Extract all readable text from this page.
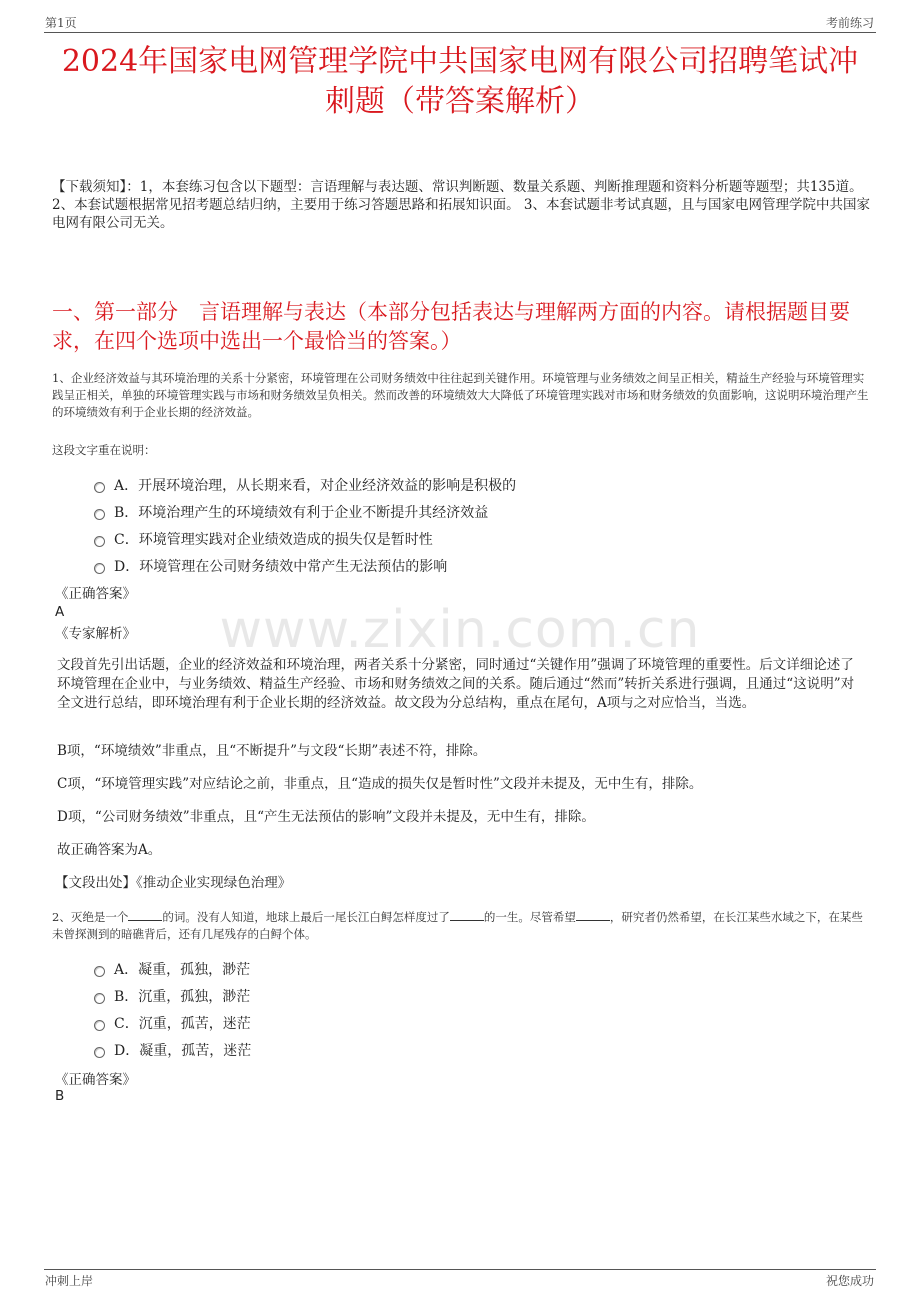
第1页	考前练习
2024年国家电网管理学院中共国家电网有限公司招聘笔试冲刺题（带答案解析）
【下载须知】：1，本套练习包含以下题型：言语理解与表达题、常识判断题、数量关系题、判断推理题和资料分析题等题型；共135道。 2、本套试题根据常见招考题总结归纳，主要用于练习答题思路和拓展知识面。 3、本套试题非考试真题，且与国家电网管理学院中共国家电网有限公司无关。
一、第一部分　言语理解与表达（本部分包括表达与理解两方面的内容。请根据题目要求，在四个选项中选出一个最恰当的答案。）
www.zixin.com.cn
1、企业经济效益与其环境治理的关系十分紧密，环境管理在公司财务绩效中往往起到关键作用。环境管理与业务绩效之间呈正相关，精益生产经验与环境管理实践呈正相关，单独的环境管理实践与市场和财务绩效呈负相关。然而改善的环境绩效大大降低了环境管理实践对市场和财务绩效的负面影响，这说明环境治理产生的环境绩效有利于企业长期的经济效益。
这段文字重在说明：
A．开展环境治理，从长期来看，对企业经济效益的影响是积极的
B．环境治理产生的环境绩效有利于企业不断提升其经济效益
C．环境管理实践对企业绩效造成的损失仅是暂时性
D．环境管理在公司财务绩效中常产生无法预估的影响
《正确答案》
A
《专家解析》
文段首先引出话题，企业的经济效益和环境治理，两者关系十分紧密，同时通过“关键作用”强调了环境管理的重要性。后文详细论述了环境管理在企业中，与业务绩效、精益生产经验、市场和财务绩效之间的关系。随后通过“然而”转折关系进行强调，且通过“这说明”对全文进行总结，即环境治理有利于企业长期的经济效益。故文段为分总结构，重点在尾句，A项与之对应恰当，当选。
B项，“环境绩效”非重点，且“不断提升”与文段“长期”表述不符，排除。
C项，“环境管理实践”对应结论之前，非重点，且“造成的损失仅是暂时性”文段并未提及，无中生有，排除。
D项，“公司财务绩效”非重点，且“产生无法预估的影响”文段并未提及，无中生有，排除。
故正确答案为A。
【文段出处】《推动企业实现绿色治理》
2、灭绝是一个	的词。没有人知道，地球上最后一尾长江白鲟怎样度过了	的一生。尽管希望	，研究者仍然希望，在长江某些水域之下，在某些未曾探测到的暗礁背后，还有几尾残存的白鲟个体。
A．凝重，孤独，渺茫
B．沉重，孤独，渺茫
C．沉重，孤苦，迷茫
D．凝重，孤苦，迷茫
《正确答案》
B
冲刺上岸	祝您成功
